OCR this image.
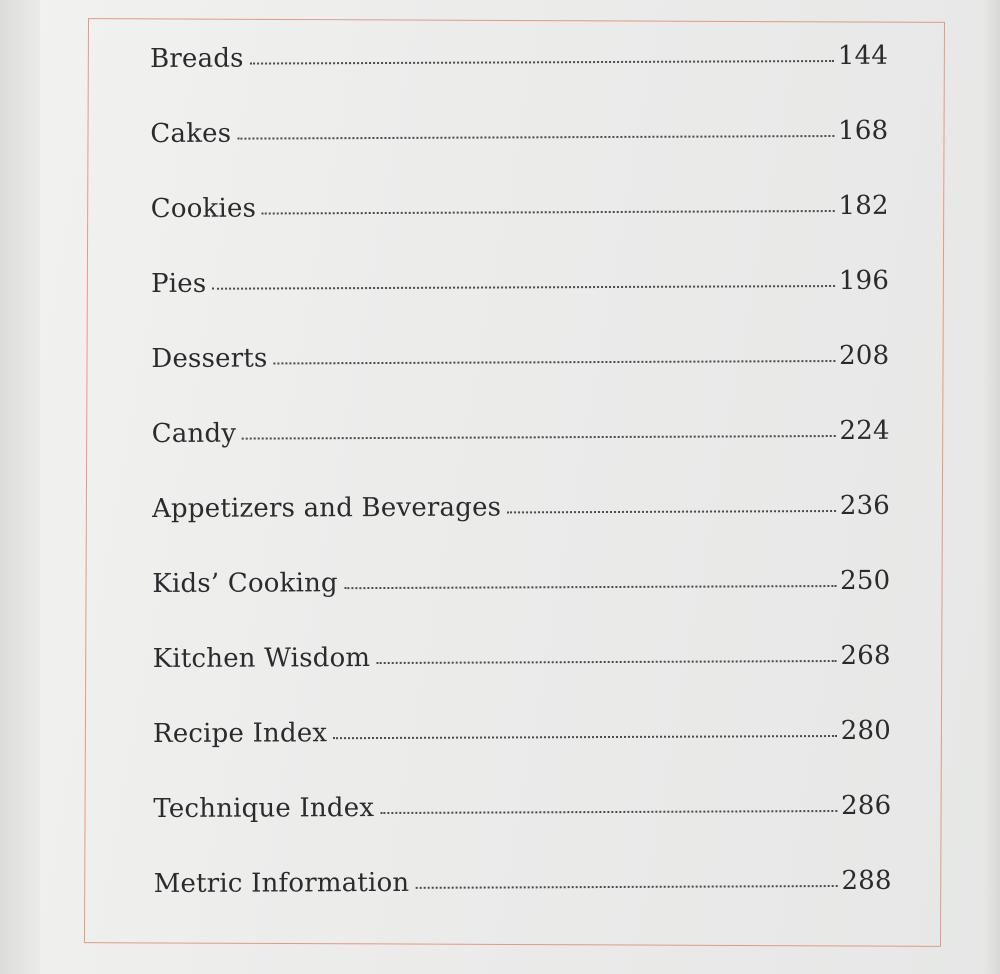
Breads	144
Cakes	168
Cookies	182
Pies	196
Desserts	208
Candy	224
Appetizers and Beverages	236
Kids’ Cooking	250
Kitchen Wisdom	268
Recipe Index	280
Technique Index	286
Metric Information	288
